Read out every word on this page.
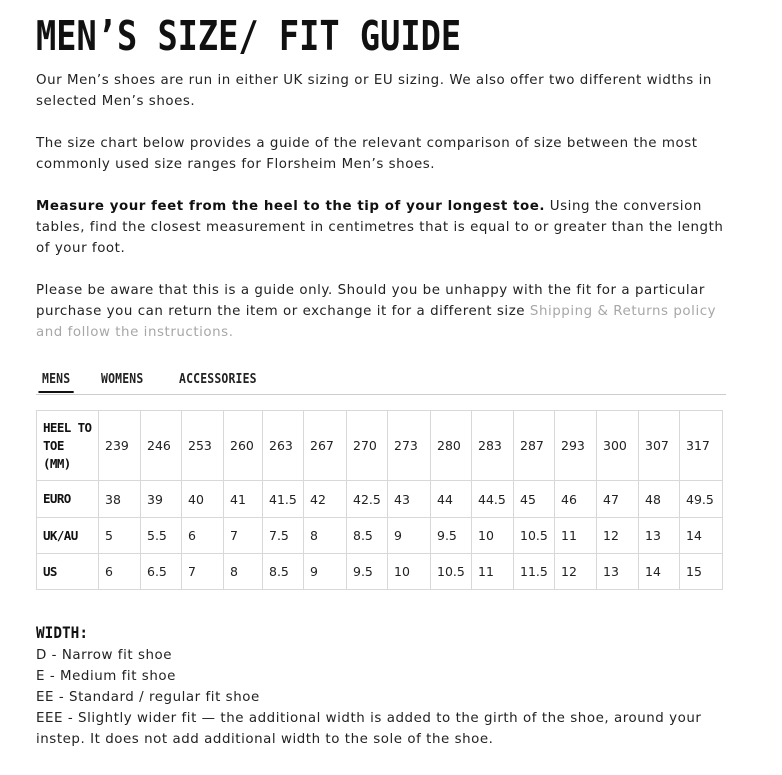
MEN’S SIZE/ FIT GUIDE

Our Men’s shoes are run in either UK sizing or EU sizing. We also offer two different widths in selected Men’s shoes.

The size chart below provides a guide of the relevant comparison of size between the most commonly used size ranges for Florsheim Men’s shoes.

Measure your feet from the heel to the tip of your longest toe. Using the conversion tables, find the closest measurement in centimetres that is equal to or greater than the length of your foot.

Please be aware that this is a guide only. Should you be unhappy with the fit for a particular purchase you can return the item or exchange it for a different size Shipping & Returns policy and follow the instructions.

MENS WOMENS	ACCESSORIES
HEEL TO TOE (MM)	239	246	253	260	263	267	270	273	280	283	287	293	300	307	317
EURO	38	39	40	41	41.5	42	42.5	43	44	44.5	45	46	47	48	49.5
UK/AU	5	5.5	6	7	7.5	8	8.5	9	9.5	10	10.5	11	12	13	14
US	6	6.5	7	8	8.5	9	9.5	10	10.5	11	11.5	12	13	14	15
WIDTH:
D - Narrow fit shoe
E - Medium fit shoe
EE - Standard / regular fit shoe
EEE - Slightly wider fit — the additional width is added to the girth of the shoe, around your instep. It does not add additional width to the sole of the shoe.
